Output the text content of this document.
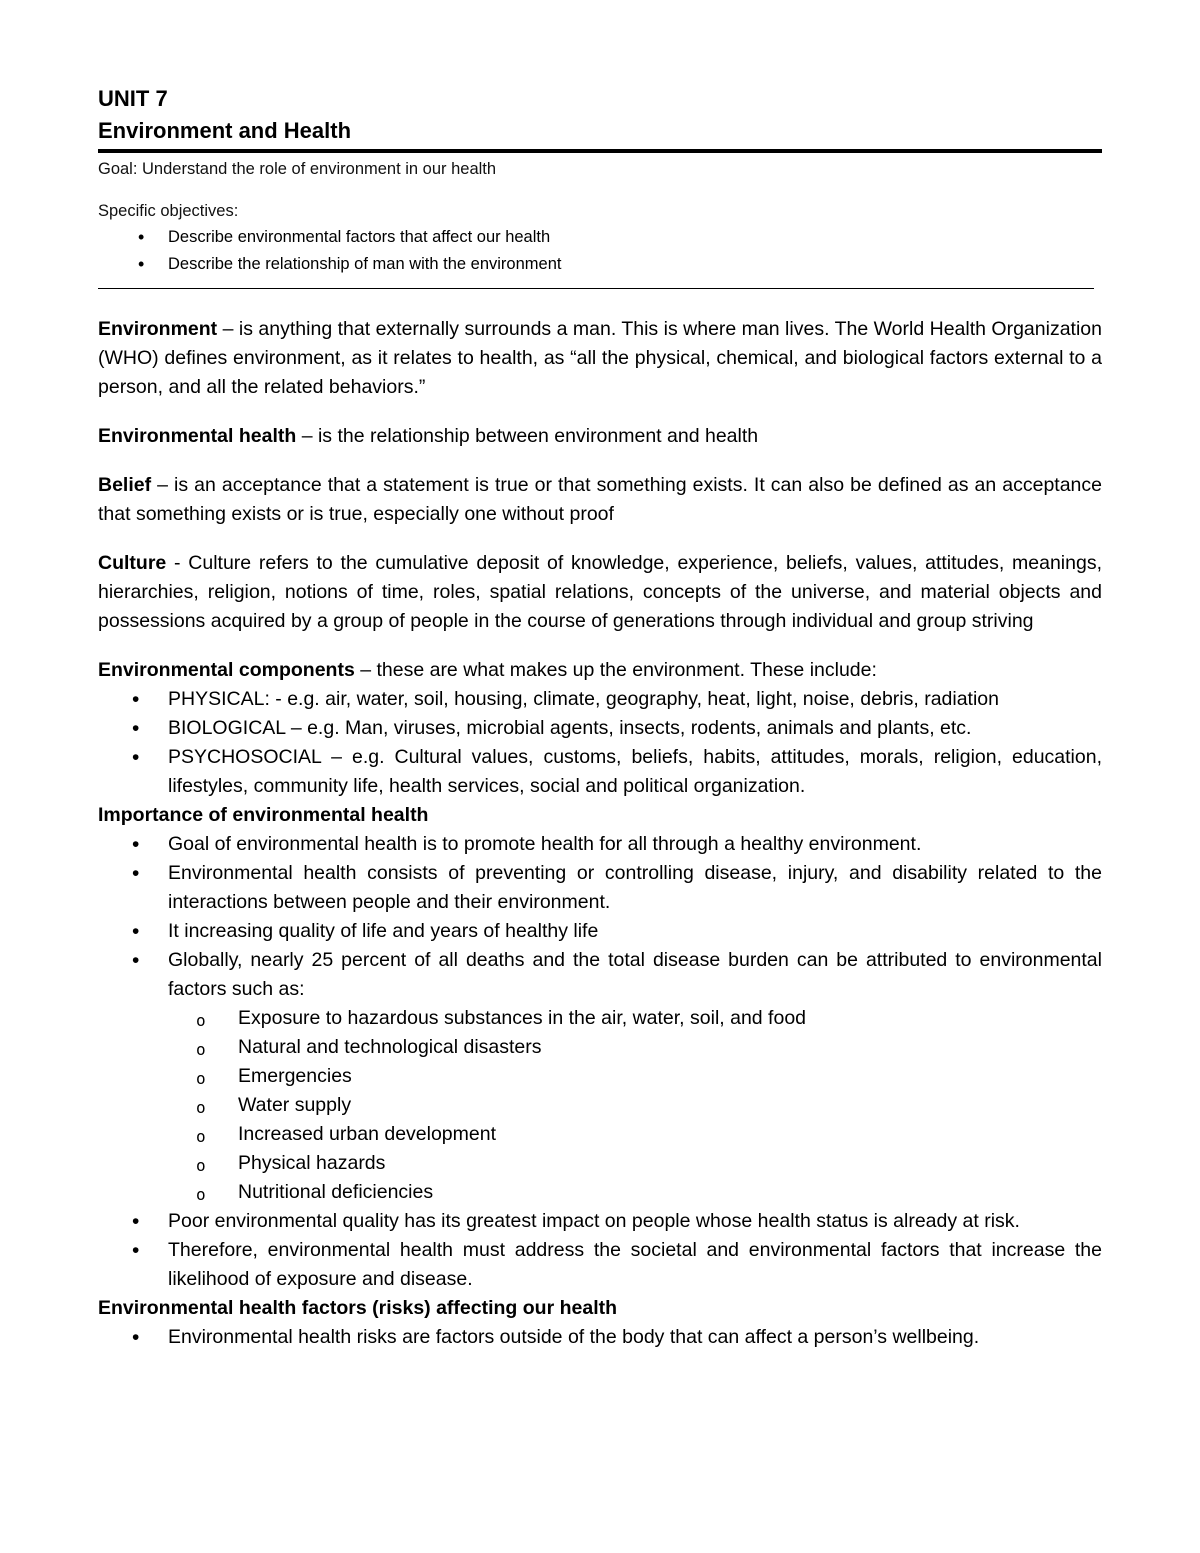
UNIT 7
Environment and Health

Goal: Understand the role of environment in our health

Specific objectives:

• Describe environmental factors that affect our health
• Describe the relationship of man with the environment

Environment – is anything that externally surrounds a man. This is where man lives. The World Health Organization (WHO) defines environment, as it relates to health, as “all the physical, chemical, and biological factors external to a person, and all the related behaviors.”

Environmental health – is the relationship between environment and health

Belief – is an acceptance that a statement is true or that something exists. It can also be defined as an acceptance that something exists or is true, especially one without proof

Culture - Culture refers to the cumulative deposit of knowledge, experience, beliefs, values, attitudes, meanings, hierarchies, religion, notions of time, roles, spatial relations, concepts of the universe, and material objects and possessions acquired by a group of people in the course of generations through individual and group striving

Environmental components – these are what makes up the environment. These include:

• PHYSICAL: - e.g. air, water, soil, housing, climate, geography, heat, light, noise, debris, radiation
• BIOLOGICAL – e.g. Man, viruses, microbial agents, insects, rodents, animals and plants, etc.
• PSYCHOSOCIAL – e.g. Cultural values, customs, beliefs, habits, attitudes, morals, religion, education, lifestyles, community life, health services, social and political organization.

Importance of environmental health

• Goal of environmental health is to promote health for all through a healthy environment.
• Environmental health consists of preventing or controlling disease, injury, and disability related to the interactions between people and their environment.
• It increasing quality of life and years of healthy life
• Globally, nearly 25 percent of all deaths and the total disease burden can be attributed to environmental factors such as:
o Exposure to hazardous substances in the air, water, soil, and food
o Natural and technological disasters
o Emergencies
o Water supply
o Increased urban development
o Physical hazards
o Nutritional deficiencies
• Poor environmental quality has its greatest impact on people whose health status is already at risk.
• Therefore, environmental health must address the societal and environmental factors that increase the likelihood of exposure and disease.

Environmental health factors (risks) affecting our health

• Environmental health risks are factors outside of the body that can affect a person’s wellbeing.
